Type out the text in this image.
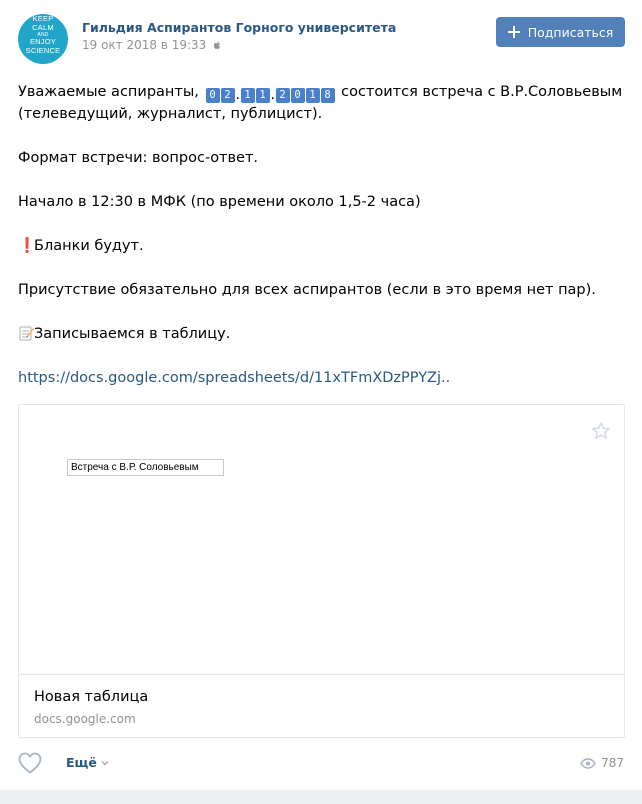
KEEP
CALM
AND
ENJOY
SCIENCE
Гильдия Аспирантов Горного университета
19 окт 2018 в 19:33
Подписаться
Уважаемые аспиранты, 0 2 . 1 1 . 2 0 1 8 состоится встреча с В.Р.Соловьевым
(телеведущий, журналист, публицист).
Формат встречи: вопрос-ответ.
Начало в 12:30 в МФК (по времени около 1,5-2 часа)
❗Бланки будут.
Присутствие обязательно для всех аспирантов (если в это время нет пар).
Записываемся в таблицу.
https://docs.google.com/spreadsheets/d/11xTFmXDzPPYZj..
Встреча с В.Р. Соловьевым
Новая таблица
docs.google.com
Ещё	787
